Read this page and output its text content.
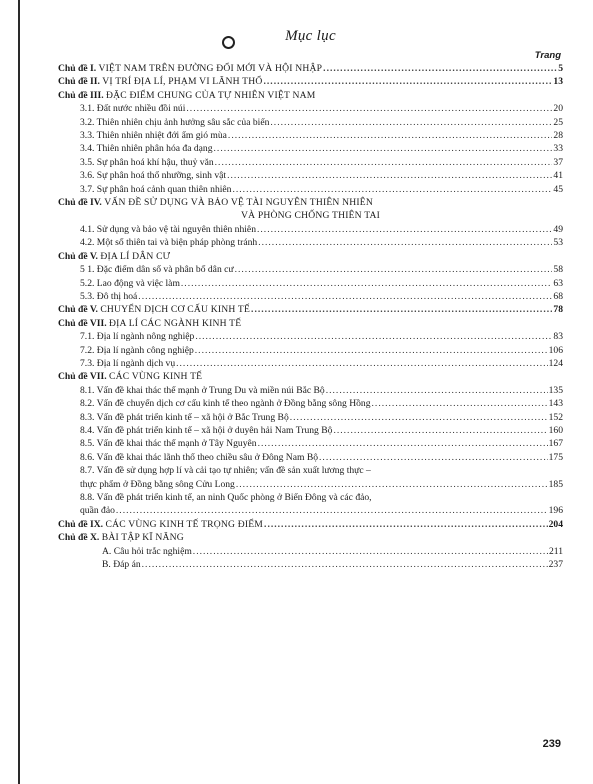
Mục lục
Trang
Chủ đề I. VIỆT NAM TRÊN ĐƯỜNG ĐỔI MỚI VÀ HỘI NHẬP .....	5
Chủ đề II. VỊ TRÍ ĐỊA LÍ, PHẠM VI LÃNH THỔ .....	13
Chủ đề III. ĐẶC ĐIỂM CHUNG CỦA TỰ NHIÊN VIỆT NAM
3.1. Đất nước nhiều đồi núi .....	20
3.2. Thiên nhiên chịu ảnh hưởng sâu sắc của biển .....	25
3.3. Thiên nhiên nhiệt đới ẩm gió mùa .....	28
3.4. Thiên nhiên phân hóa đa dạng .....	33
3.5. Sự phân hoá khí hậu, thuỷ văn .....	37
3.6. Sự phân hoá thổ nhưỡng, sinh vật .....	41
3.7. Sự phân hoá cảnh quan thiên nhiên .....	45
Chủ đề IV. VẤN ĐỀ SỬ DỤNG VÀ BẢO VỆ TÀI NGUYÊN THIÊN NHIÊN
VÀ PHÒNG CHỐNG THIÊN TAI
4.1. Sử dụng và bảo vệ tài nguyên thiên nhiên .....	49
4.2. Một số thiên tai và biện pháp phòng tránh .....	53
Chủ đề V. ĐỊA LÍ DÂN CƯ
5 1. Đặc điểm dân số và phân bố dân cư .....	58
5.2. Lao động và việc làm .....	63
5.3. Đô thị hoá .....	68
Chủ đề V. CHUYỂN DỊCH CƠ CẤU KINH TẾ .....	78
Chủ đề VII. ĐỊA LÍ CÁC NGÀNH KINH TẾ
7.1. Địa lí ngành nông nghiệp .....	83
7.2. Địa lí ngành công nghiệp .....	106
7.3. Địa lí ngành dịch vụ .....	124
Chủ đề VII. CÁC VÙNG KINH TẾ
8.1. Vấn đề khai thác thế mạnh ở Trung Du và miền núi Bắc Bộ .....	135
8.2. Vấn đề chuyển dịch cơ cấu kinh tế theo ngành ở Đồng bằng sông Hồng .....	143
8.3. Vấn đề phát triển kinh tế – xã hội ở Bắc Trung Bộ .....	152
8.4. Vấn đề phát triển kinh tế – xã hội ở duyên hải Nam Trung Bộ .....	160
8.5. Vấn đề khai thác thế mạnh ở Tây Nguyên .....	167
8.6. Vấn đề khai thác lãnh thổ theo chiều sâu ở Đông Nam Bộ .....	175
8.7. Vấn đề sử dụng hợp lí và cải tạo tự nhiên; vấn đề sản xuất lương thực –
thực phẩm ở Đồng bằng sông Cửu Long .....	185
8.8. Vấn đề phát triển kinh tế, an ninh Quốc phòng ở Biển Đông và các đảo,
quần đảo .....	196
Chủ đề IX. CÁC VÙNG KINH TẾ TRỌNG ĐIỂM .....	204
Chủ đề X. BÀI TẬP KĨ NĂNG
A. Câu hỏi trắc nghiệm .....	211
B. Đáp án .....	237
239
